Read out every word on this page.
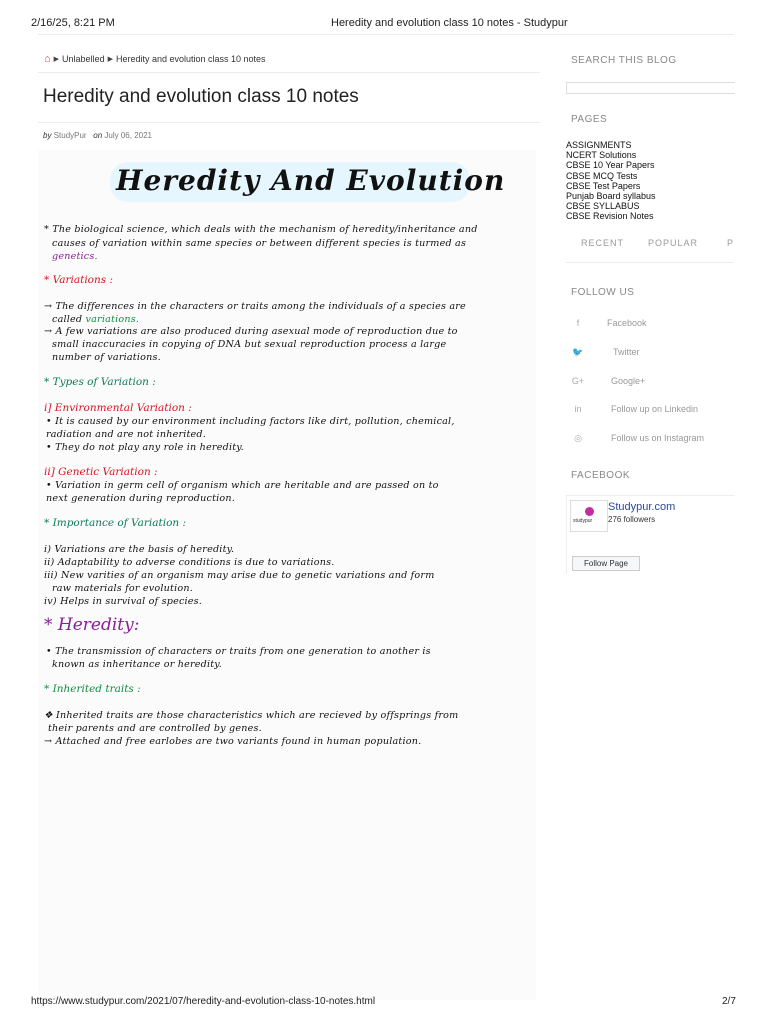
2/16/25, 8:21 PM	Heredity and evolution class 10 notes - Studypur
⌂ ▶ Unlabelled ▶ Heredity and evolution class 10 notes
Heredity and evolution class 10 notes
by StudyPur on July 06, 2021
Heredity And Evolution
* The biological science, which deals with the mechanism of heredity/inheritance and
causes of variation within same species or between different species is turmed as
genetics.
* Variations :
→ The differences in the characters or traits among the individuals of a species are
called variations.
→ A few variations are also produced during asexual mode of reproduction due to
small inaccuracies in copying of DNA but sexual reproduction process a large
number of variations.
* Types of Variation :
i] Environmental Variation :
• It is caused by our environment including factors like dirt, pollution, chemical,
radiation and are not inherited.
• They do not play any role in heredity.
ii] Genetic Variation :
• Variation in germ cell of organism which are heritable and are passed on to
next generation during reproduction.
* Importance of Variation :
i) Variations are the basis of heredity.
ii) Adaptability to adverse conditions is due to variations.
iii) New varities of an organism may arise due to genetic variations and form
raw materials for evolution.
iv) Helps in survival of species.
* Heredity:
• The transmission of characters or traits from one generation to another is
known as inheritance or heredity.
* Inherited traits :
❖ Inherited traits are those characteristics which are recieved by offsprings from
their parents and are controlled by genes.
→ Attached and free earlobes are two variants found in human population.
SEARCH THIS BLOG
PAGES
ASSIGNMENTS
NCERT Solutions
CBSE 10 Year Papers
CBSE MCQ Tests
CBSE Test Papers
Punjab Board syllabus
CBSE SYLLABUS
CBSE Revision Notes
RECENT	POPULAR	P
FOLLOW US
f	Facebook
🐦	Twitter
G+	Google+
in	Follow up on Linkedin
◎	Follow us on Instagram
FACEBOOK
studypur
Studypur.com
276 followers
Follow Page
https://www.studypur.com/2021/07/heredity-and-evolution-class-10-notes.html	2/7
